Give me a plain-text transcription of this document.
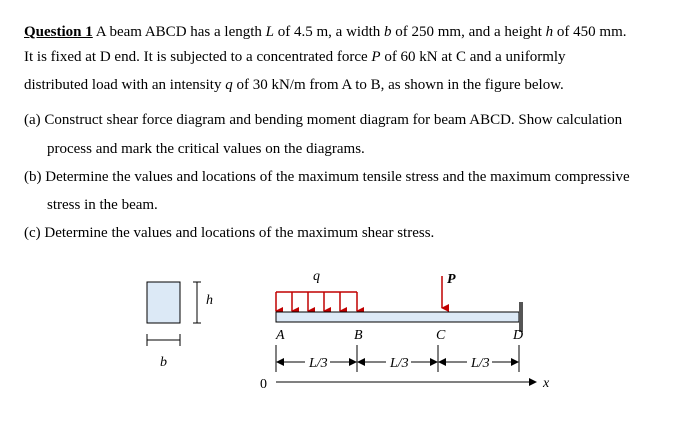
Question 1 A beam ABCD has a length L of 4.5 m, a width b of 250 mm, and a height h of 450 mm.
It is fixed at D end. It is subjected to a concentrated force P of 60 kN at C and a uniformly
distributed load with an intensity q of 30 kN/m from A to B, as shown in the figure below.
(a) Construct shear force diagram and bending moment diagram for beam ABCD. Show calculation
process and mark the critical values on the diagrams.
(b) Determine the values and locations of the maximum tensile stress and the maximum compressive
stress in the beam.
(c) Determine the values and locations of the maximum shear stress.
h
b
q	P
A	B	C	D
L/3	L/3	L/3
0	x
